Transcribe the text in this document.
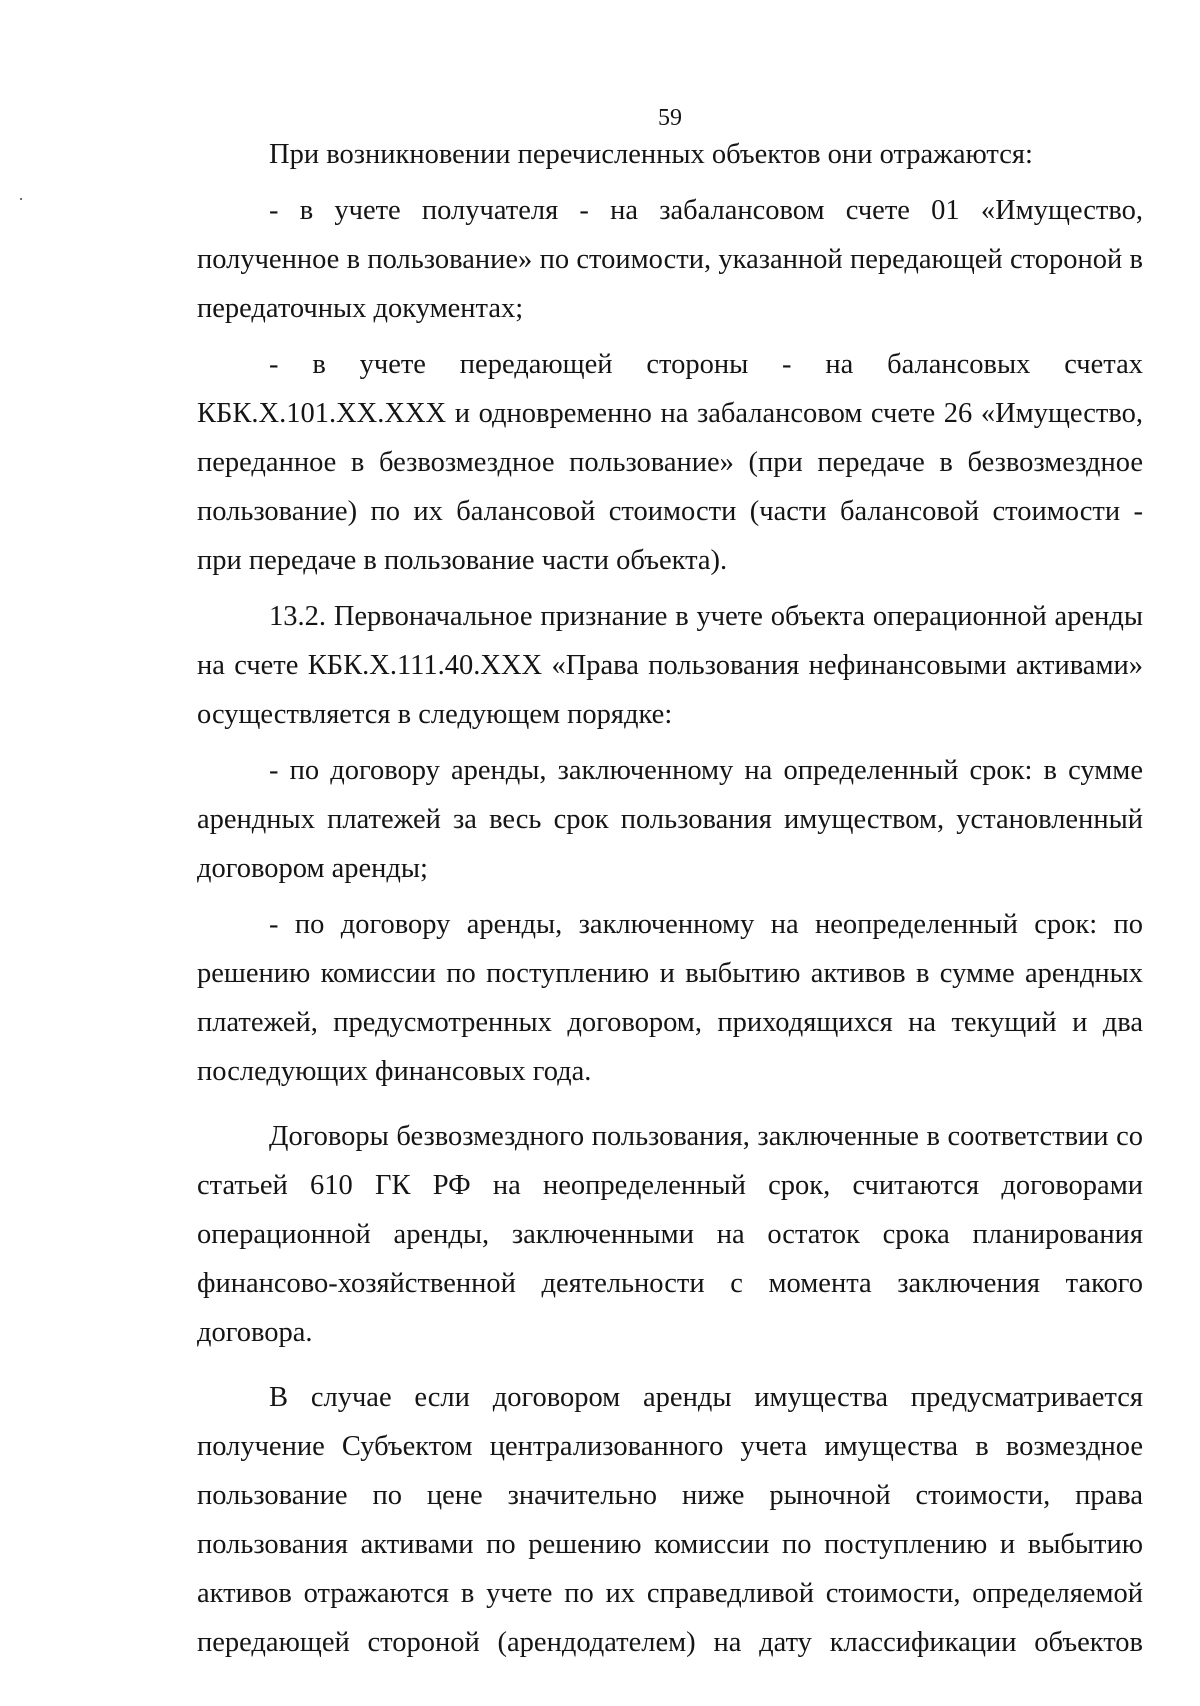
59

При возникновении перечисленных объектов они отражаются:

- в учете получателя - на забалансовом счете 01 «Имущество, полученное в пользование» по стоимости, указанной передающей стороной в передаточных документах;

- в учете передающей стороны - на балансовых счетах КБК.Х.101.ХХ.ХХХ и одновременно на забалансовом счете 26 «Имущество, переданное в безвозмездное пользование» (при передаче в безвозмездное пользование) по их балансовой стоимости (части балансовой стоимости - при передаче в пользование части объекта).

13.2. Первоначальное признание в учете объекта операционной аренды на счете КБК.Х.111.40.ХХХ «Права пользования нефинансовыми активами» осуществляется в следующем порядке:

- по договору аренды, заключенному на определенный срок: в сумме арендных платежей за весь срок пользования имуществом, установленный договором аренды;

- по договору аренды, заключенному на неопределенный срок: по решению комиссии по поступлению и выбытию активов в сумме арендных платежей, предусмотренных договором, приходящихся на текущий и два последующих финансовых года.

Договоры безвозмездного пользования, заключенные в соответствии со статьей 610 ГК РФ на неопределенный срок, считаются договорами операционной аренды, заключенными на остаток срока планирования финансово-хозяйственной деятельности с момента заключения такого договора.

В случае если договором аренды имущества предусматривается получение Субъектом централизованного учета имущества в возмездное пользование по цене значительно ниже рыночной стоимости, права пользования активами по решению комиссии по поступлению и выбытию активов отражаются в учете по их справедливой стоимости, определяемой передающей стороной (арендодателем) на дату классификации объектов
